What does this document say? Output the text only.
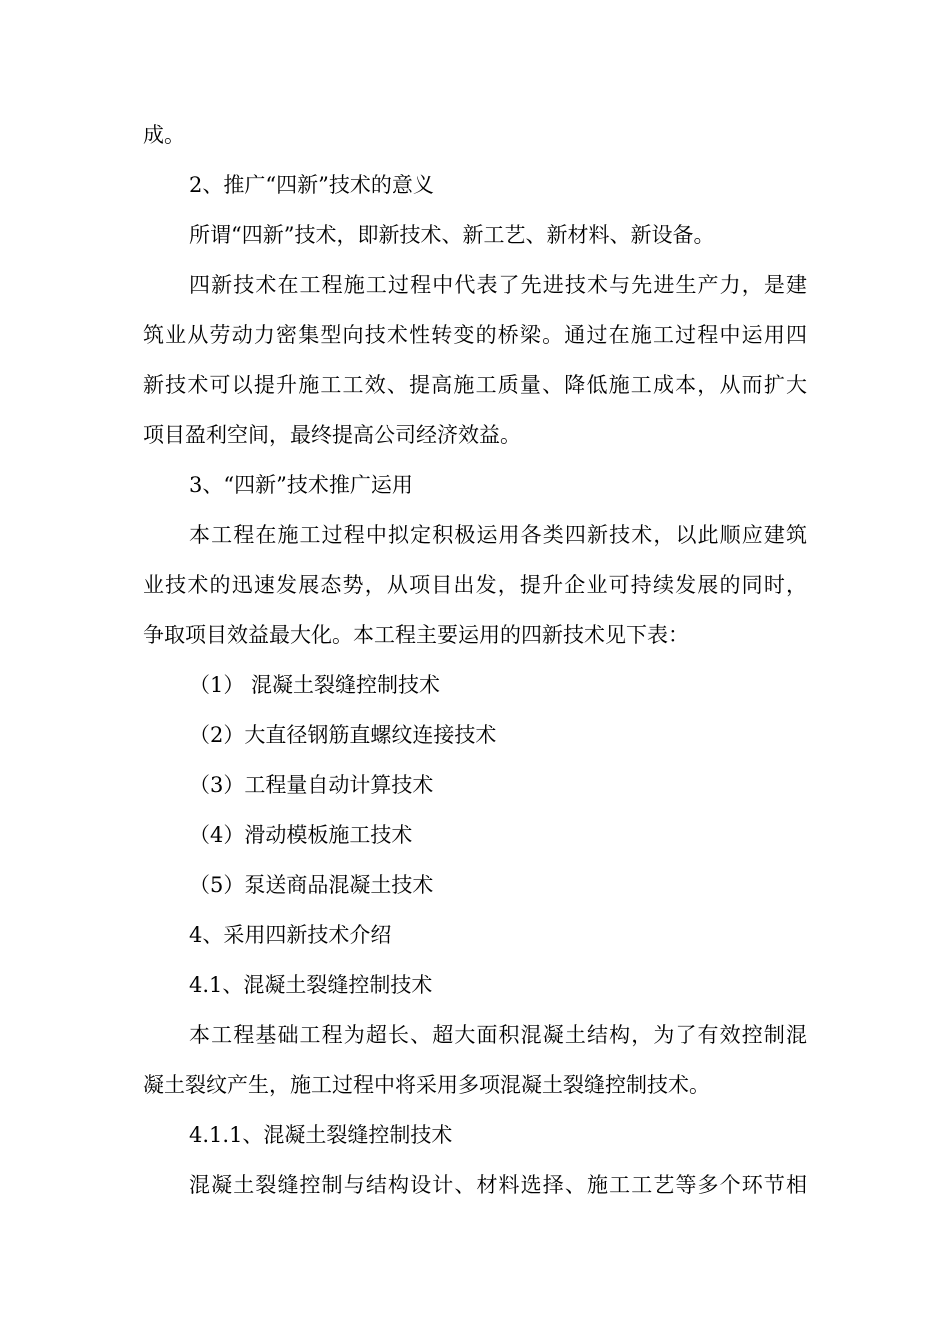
成。
2、推广“四新”技术的意义
所谓“四新”技术，即新技术、新工艺、新材料、新设备。
四新技术在工程施工过程中代表了先进技术与先进生产力，是建
筑业从劳动力密集型向技术性转变的桥梁。通过在施工过程中运用四
新技术可以提升施工工效、提高施工质量、降低施工成本，从而扩大
项目盈利空间，最终提高公司经济效益。
3、“四新”技术推广运用
本工程在施工过程中拟定积极运用各类四新技术，以此顺应建筑
业技术的迅速发展态势，从项目出发，提升企业可持续发展的同时，
争取项目效益最大化。本工程主要运用的四新技术见下表：
（1） 混凝土裂缝控制技术
（2）大直径钢筋直螺纹连接技术
（3）工程量自动计算技术
（4）滑动模板施工技术
（5）泵送商品混凝土技术
4、采用四新技术介绍
4.1、混凝土裂缝控制技术
本工程基础工程为超长、超大面积混凝土结构，为了有效控制混
凝土裂纹产生，施工过程中将采用多项混凝土裂缝控制技术。
4.1.1、混凝土裂缝控制技术
混凝土裂缝控制与结构设计、材料选择、施工工艺等多个环节相
